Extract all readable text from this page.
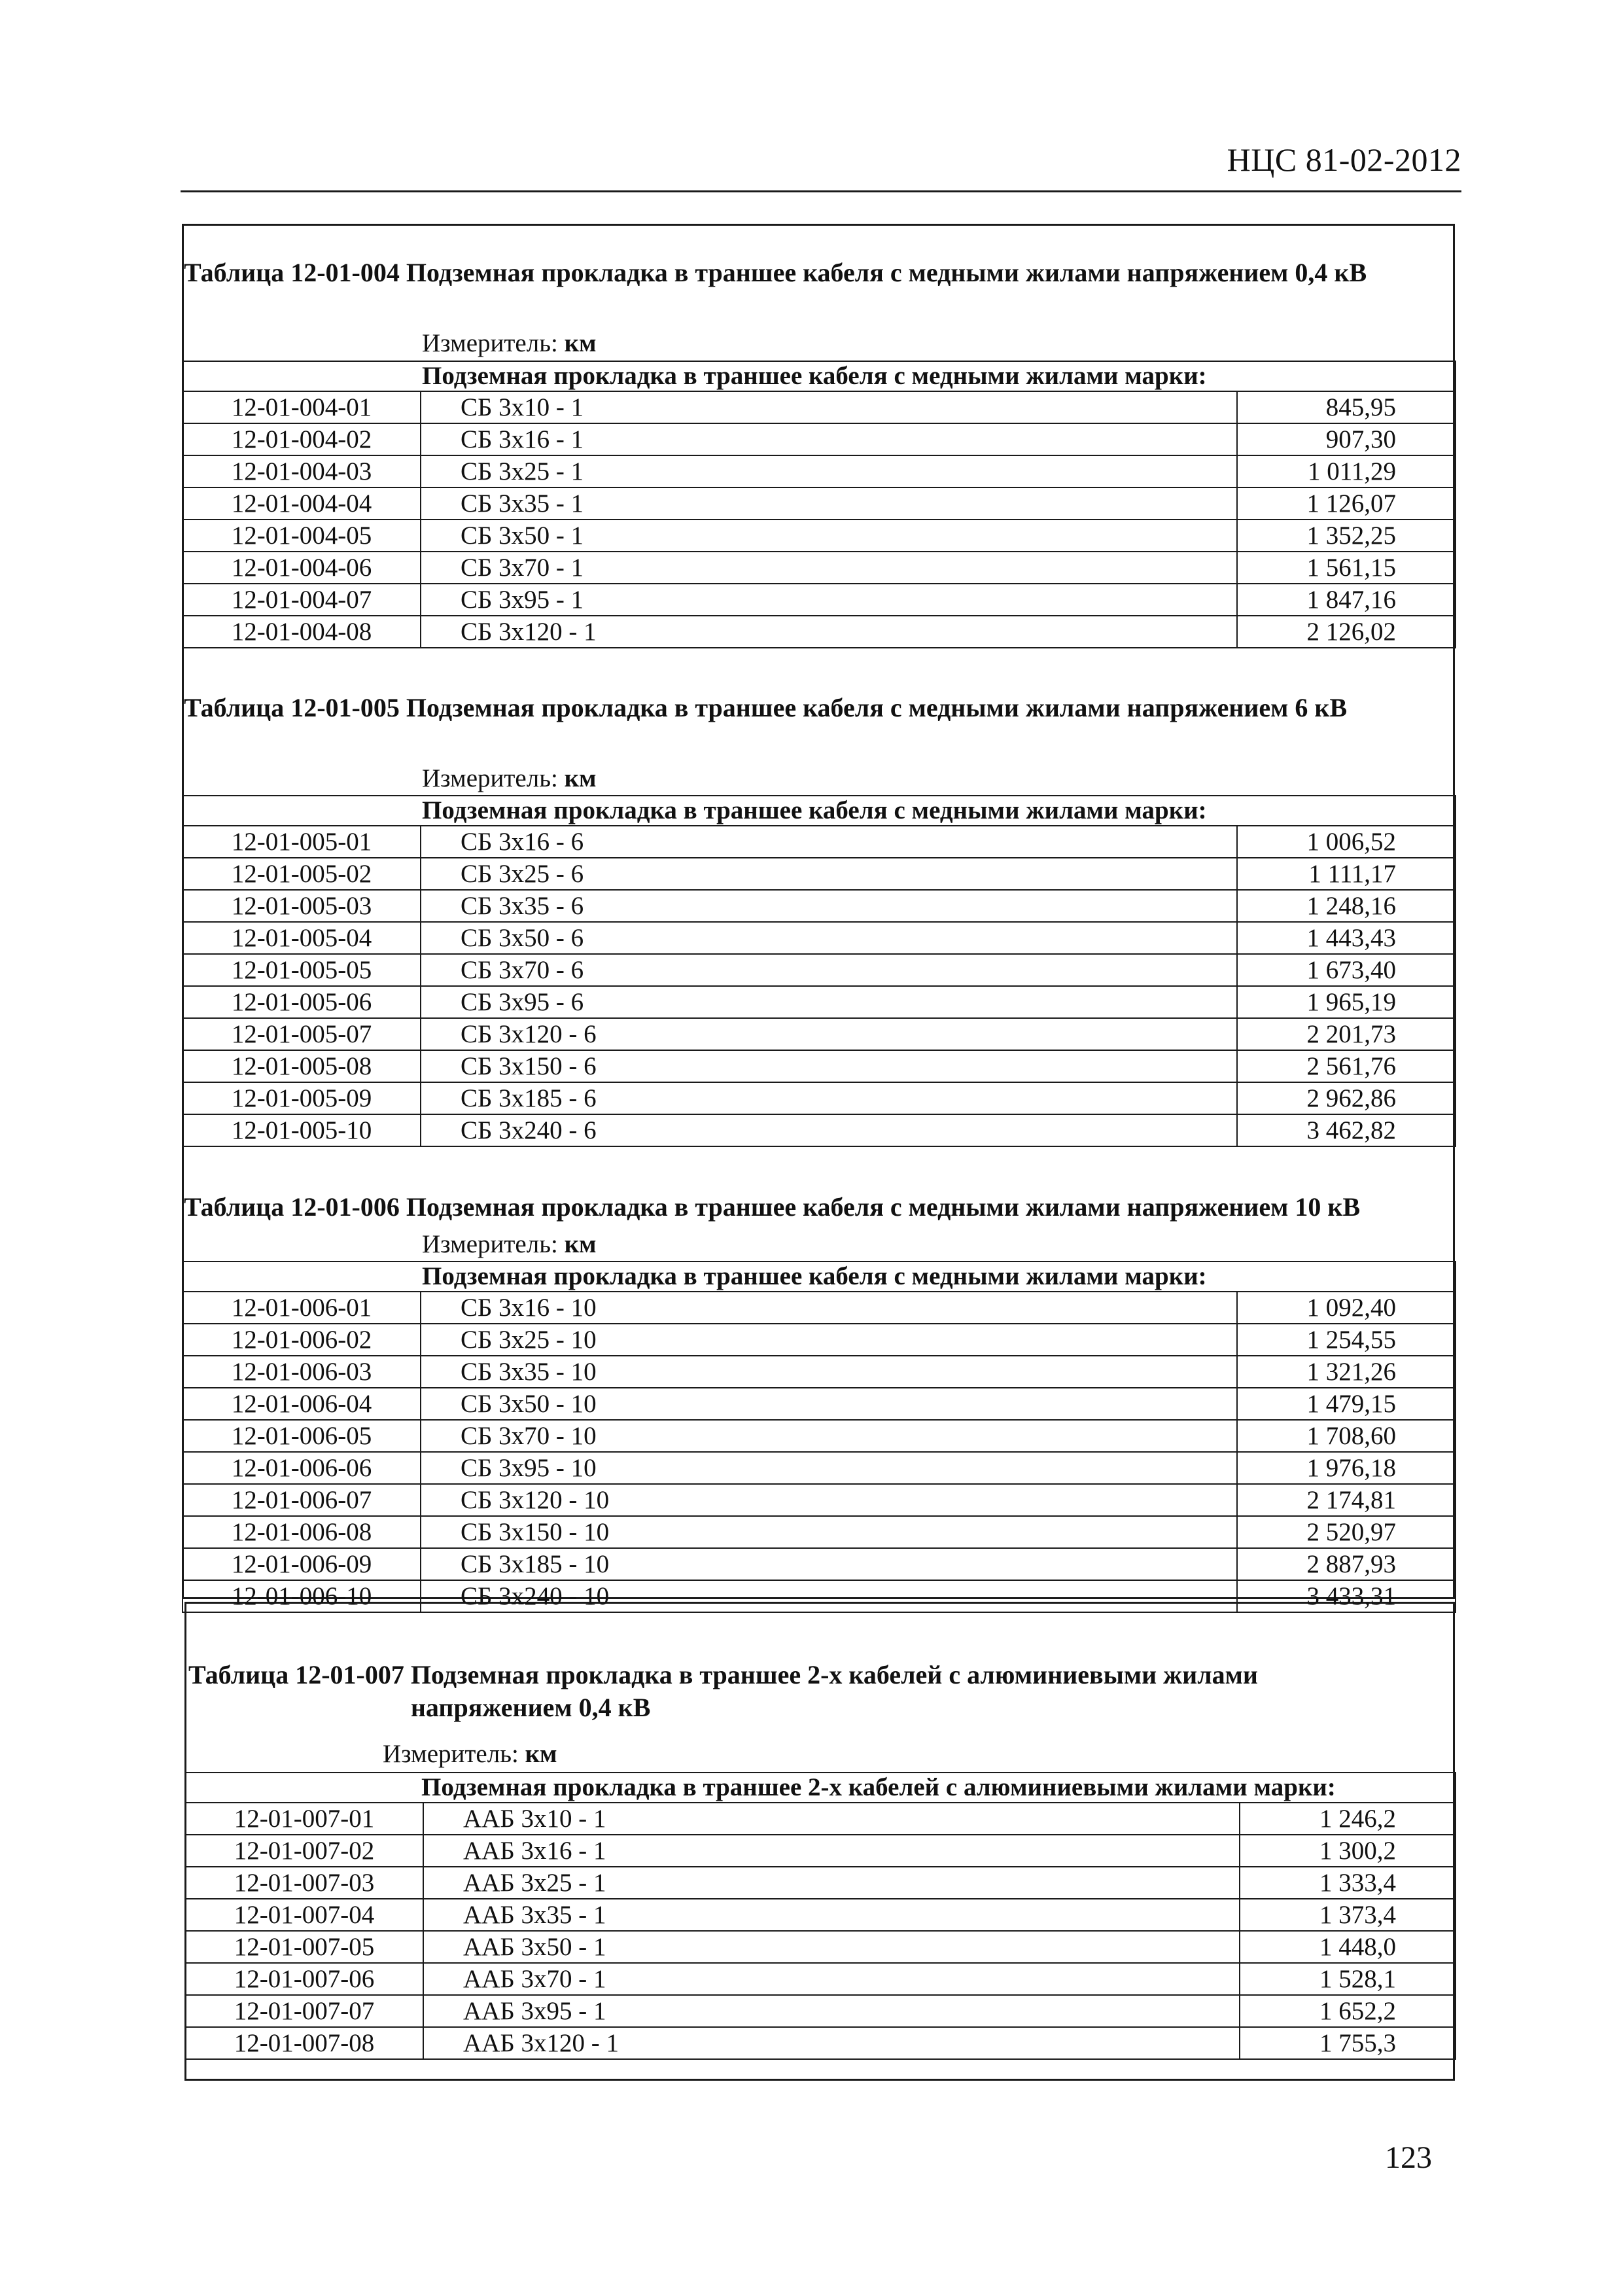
НЦС 81-02-2012
Таблица 12-01-004 Подземная прокладка в траншее кабеля с медными жилами напряжением 0,4 кВ
Измеритель: км
Подземная прокладка в траншее кабеля с медными жилами марки:		
12-01-004-01	СБ 3х10 - 1	845,95
12-01-004-02	СБ 3х16 - 1	907,30
12-01-004-03	СБ 3х25 - 1	1 011,29
12-01-004-04	СБ 3х35 - 1	1 126,07
12-01-004-05	СБ 3х50 - 1	1 352,25
12-01-004-06	СБ 3х70 - 1	1 561,15
12-01-004-07	СБ 3х95 - 1	1 847,16
12-01-004-08	СБ 3х120 - 1	2 126,02
Таблица 12-01-005 Подземная прокладка в траншее кабеля с медными жилами напряжением 6 кВ
Измеритель: км
Подземная прокладка в траншее кабеля с медными жилами марки:		
12-01-005-01	СБ 3х16 - 6	1 006,52
12-01-005-02	СБ 3х25 - 6	1 111,17
12-01-005-03	СБ 3х35 - 6	1 248,16
12-01-005-04	СБ 3х50 - 6	1 443,43
12-01-005-05	СБ 3х70 - 6	1 673,40
12-01-005-06	СБ 3х95 - 6	1 965,19
12-01-005-07	СБ 3х120 - 6	2 201,73
12-01-005-08	СБ 3х150 - 6	2 561,76
12-01-005-09	СБ 3х185 - 6	2 962,86
12-01-005-10	СБ 3х240 - 6	3 462,82
Таблица 12-01-006 Подземная прокладка в траншее кабеля с медными жилами напряжением 10 кВ
Измеритель: км
Подземная прокладка в траншее кабеля с медными жилами марки:		
12-01-006-01	СБ 3х16 - 10	1 092,40
12-01-006-02	СБ 3х25 - 10	1 254,55
12-01-006-03	СБ 3х35 - 10	1 321,26
12-01-006-04	СБ 3х50 - 10	1 479,15
12-01-006-05	СБ 3х70 - 10	1 708,60
12-01-006-06	СБ 3х95 - 10	1 976,18
12-01-006-07	СБ 3х120 - 10	2 174,81
12-01-006-08	СБ 3х150 - 10	2 520,97
12-01-006-09	СБ 3х185 - 10	2 887,93
12-01-006-10	СБ 3х240 - 10	3 433,31
Таблица 12-01-007 Подземная прокладка в траншее 2-х кабелей с алюминиевыми жилами напряжением 0,4 кВ
Измеритель: км
Подземная прокладка в траншее 2-х кабелей с алюминиевыми жилами марки:		
12-01-007-01	ААБ 3х10 - 1	1 246,2
12-01-007-02	ААБ 3х16 - 1	1 300,2
12-01-007-03	ААБ 3х25 - 1	1 333,4
12-01-007-04	ААБ 3х35 - 1	1 373,4
12-01-007-05	ААБ 3х50 - 1	1 448,0
12-01-007-06	ААБ 3х70 - 1	1 528,1
12-01-007-07	ААБ 3х95 - 1	1 652,2
12-01-007-08	ААБ 3х120 - 1	1 755,3
123
